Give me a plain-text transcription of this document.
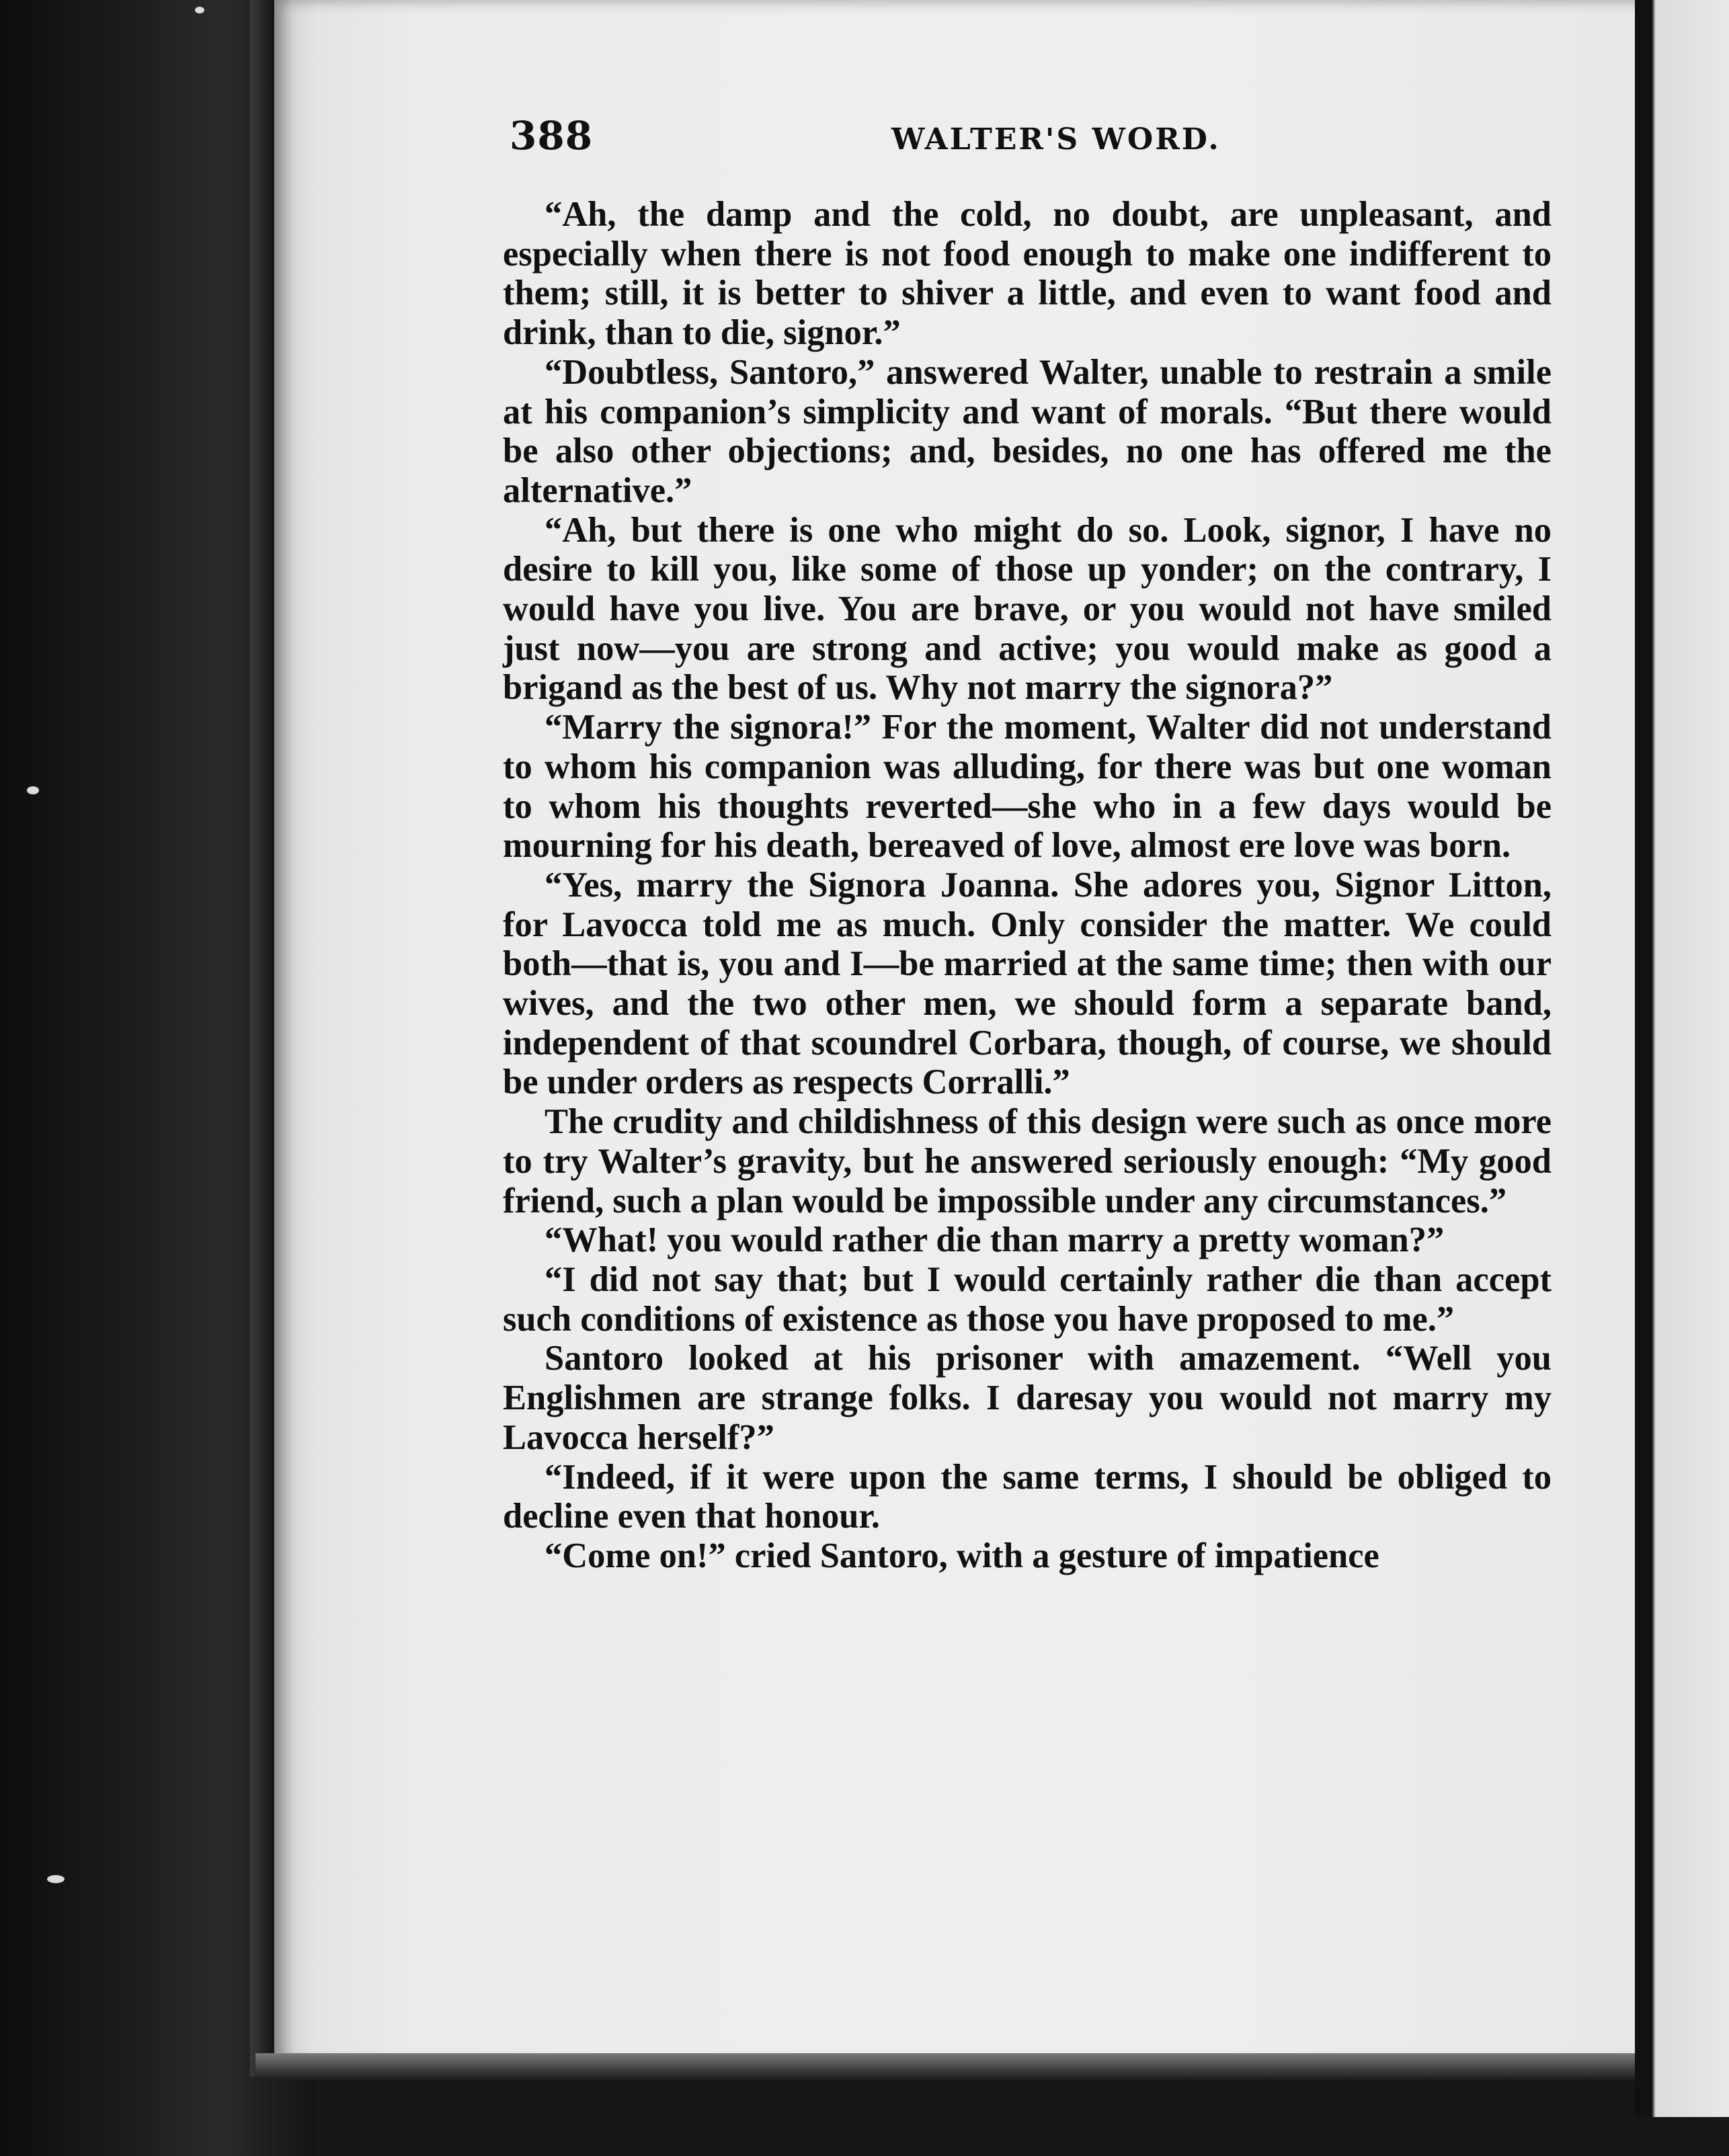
388	WALTER'S WORD.

“Ah, the damp and the cold, no doubt, are unpleasant, and especially when there is not food enough to make one indifferent to them; still, it is better to shiver a little, and even to want food and drink, than to die, signor.”

“Doubtless, Santoro,” answered Walter, unable to restrain a smile at his companion’s simplicity and want of morals. “But there would be also other objections; and, besides, no one has offered me the alternative.”

“Ah, but there is one who might do so. Look, signor, I have no desire to kill you, like some of those up yonder; on the contrary, I would have you live. You are brave, or you would not have smiled just now—you are strong and active; you would make as good a brigand as the best of us. Why not marry the signora?”

“Marry the signora!” For the moment, Walter did not understand to whom his companion was alluding, for there was but one woman to whom his thoughts reverted—she who in a few days would be mourning for his death, bereaved of love, almost ere love was born.

“Yes, marry the Signora Joanna. She adores you, Signor Litton, for Lavocca told me as much. Only consider the matter. We could both—that is, you and I—be married at the same time; then with our wives, and the two other men, we should form a separate band, independent of that scoundrel Corbara, though, of course, we should be under orders as respects Corralli.”

The crudity and childishness of this design were such as once more to try Walter’s gravity, but he answered seriously enough: “My good friend, such a plan would be impossible under any circumstances.”

“What! you would rather die than marry a pretty woman?”

“I did not say that; but I would certainly rather die than accept such conditions of existence as those you have proposed to me.”

Santoro looked at his prisoner with amazement. “Well you Englishmen are strange folks. I daresay you would not marry my Lavocca herself?”

“Indeed, if it were upon the same terms, I should be obliged to decline even that honour.

“Come on!” cried Santoro, with a gesture of impatience
